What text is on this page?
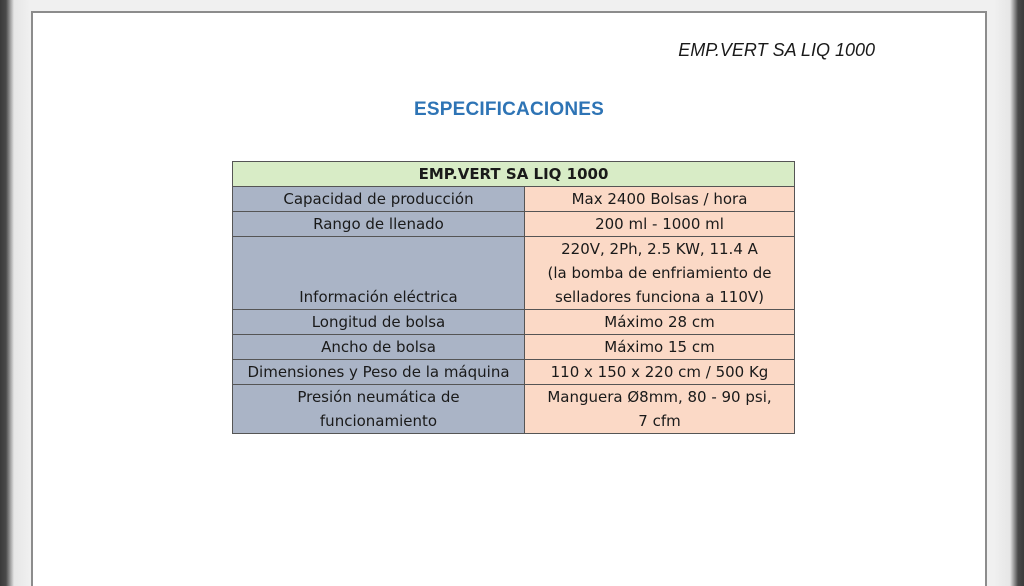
EMP.VERT SA LIQ 1000
ESPECIFICACIONES
EMP.VERT SA LIQ 1000	
Capacidad de producción	Max 2400 Bolsas / hora
Rango de llenado	200 ml - 1000 ml
Información eléctrica	220V, 2Ph, 2.5 KW, 11.4 A
(la bomba de enfriamiento de
selladores funciona a 110V)

Longitud de bolsa	Máximo 28 cm
Ancho de bolsa	Máximo 15 cm
Dimensiones y Peso de la máquina	110 x 150 x 220 cm / 500 Kg

Presión neumática de
funcionamiento	Manguera Ø8mm, 80 - 90 psi,
7 cfm
